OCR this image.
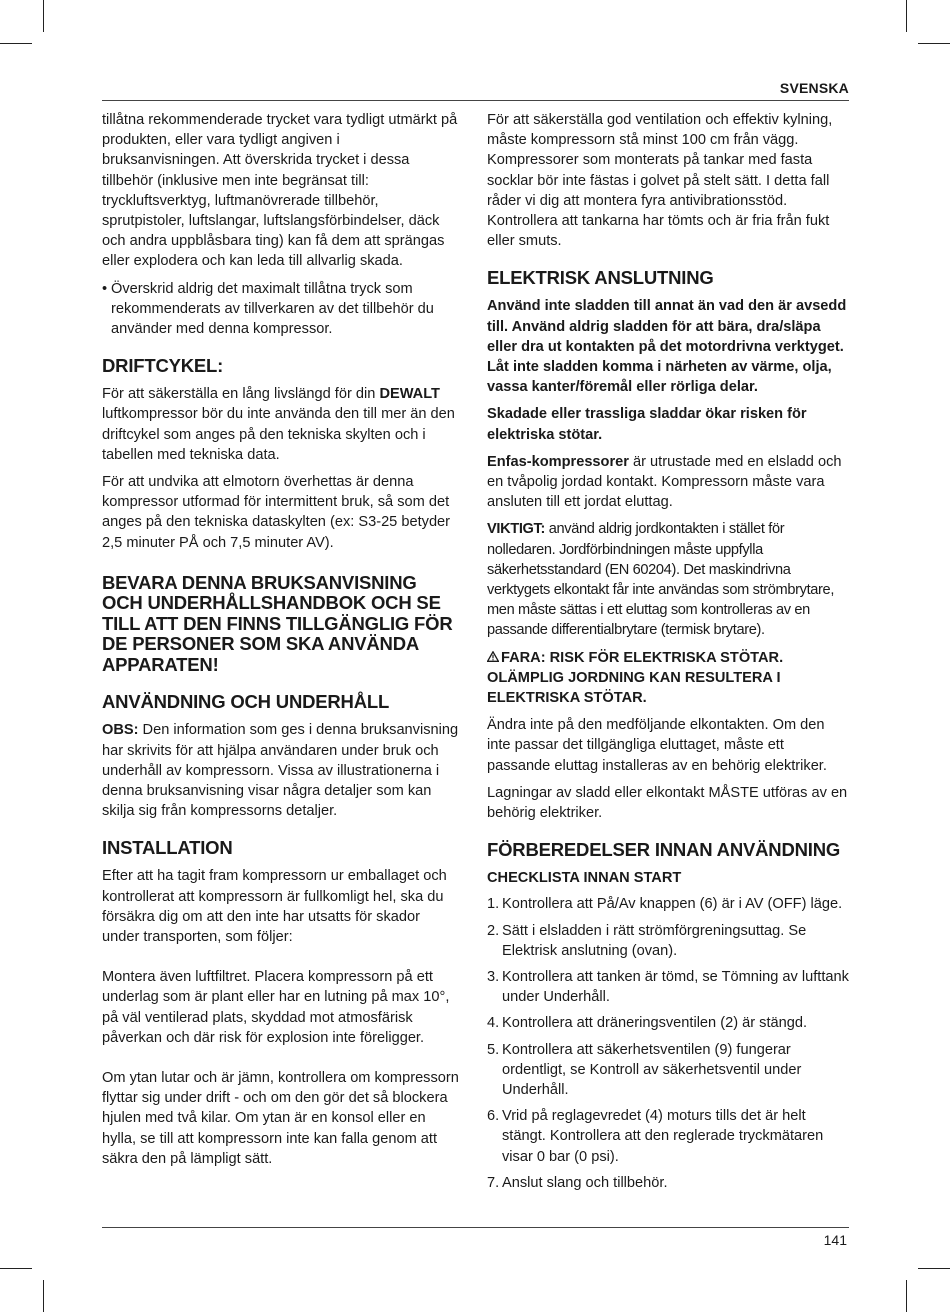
SVENSKA

tillåtna rekommenderade trycket vara tydligt utmärkt på produkten, eller vara tydligt angiven i bruksanvisningen. Att överskrida trycket i dessa tillbehör (inklusive men inte begränsat till: tryckluftsverktyg, luftmanövrerade tillbehör, sprutpistoler, luftslangar, luftslangsförbindelser, däck och andra uppblåsbara ting) kan få dem att sprängas eller explodera och kan leda till allvarlig skada.

• Överskrid aldrig det maximalt tillåtna tryck som rekommenderats av tillverkaren av det tillbehör du använder med denna kompressor.
DRIFTCYKEL:

För att säkerställa en lång livslängd för din DEWALT luftkompressor bör du inte använda den till mer än den driftcykel som anges på den tekniska skylten och i tabellen med tekniska data.

För att undvika att elmotorn överhettas är denna kompressor utformad för intermittent bruk, så som det anges på den tekniska dataskylten (ex: S3-25 betyder 2,5 minuter PÅ och 7,5 minuter AV).

BEVARA DENNA BRUKSANVISNING OCH UNDERHÅLLSHANDBOK OCH SE TILL ATT DEN FINNS TILLGÄNGLIG FÖR DE PERSONER SOM SKA ANVÄNDA APPARATEN!
ANVÄNDNING OCH UNDERHÅLL

OBS: Den information som ges i denna bruksanvisning har skrivits för att hjälpa användaren under bruk och underhåll av kompressorn. Vissa av illustrationerna i denna bruksanvisning visar några detaljer som kan skilja sig från kompressorns detaljer.

INSTALLATION

Efter att ha tagit fram kompressorn ur emballaget och kontrollerat att kompressorn är fullkomligt hel, ska du försäkra dig om att den inte har utsatts för skador under transporten, som följer:

Montera även luftfiltret. Placera kompressorn på ett underlag som är plant eller har en lutning på max 10°, på väl ventilerad plats, skyddad mot atmosfärisk påverkan och där risk för explosion inte föreligger.

Om ytan lutar och är jämn, kontrollera om kompressorn flyttar sig under drift - och om den gör det så blockera hjulen med två kilar. Om ytan är en konsol eller en hylla, se till att kompressorn inte kan falla genom att säkra den på lämpligt sätt.

För att säkerställa god ventilation och effektiv kylning, måste kompressorn stå minst 100 cm från vägg. Kompressorer som monterats på tankar med fasta socklar bör inte fästas i golvet på stelt sätt. I detta fall råder vi dig att montera fyra antivibrationsstöd. Kontrollera att tankarna har tömts och är fria från fukt eller smuts.

ELEKTRISK ANSLUTNING

Använd inte sladden till annat än vad den är avsedd till. Använd aldrig sladden för att bära, dra/släpa eller dra ut kontakten på det motordrivna verktyget. Låt inte sladden komma i närheten av värme, olja, vassa kanter/föremål eller rörliga delar.

Skadade eller trassliga sladdar ökar risken för elektriska stötar.

Enfas-kompressorer är utrustade med en elsladd och en tvåpolig jordad kontakt. Kompressorn måste vara ansluten till ett jordat eluttag.

VIKTIGT: använd aldrig jordkontakten i stället för nolledaren. Jordförbindningen måste uppfylla säkerhetsstandard (EN 60204). Det maskindrivna verktygets elkontakt får inte användas som strömbrytare, men måste sättas i ett eluttag som kontrolleras av en passande differentialbrytare (termisk brytare).

FARA: RISK FÖR ELEKTRISKA STÖTAR. OLÄMPLIG JORDNING KAN RESULTERA I ELEKTRISKA STÖTAR.

Ändra inte på den medföljande elkontakten. Om den inte passar det tillgängliga eluttaget, måste ett passande eluttag installeras av en behörig elektriker.

Lagningar av sladd eller elkontakt MÅSTE utföras av en behörig elektriker.

FÖRBEREDELSER INNAN ANVÄNDNING
CHECKLISTA INNAN START
1. Kontrollera att På/Av knappen (6) är i AV (OFF) läge.
2. Sätt i elsladden i rätt strömförgreningsuttag. Se Elektrisk anslutning (ovan).
3. Kontrollera att tanken är tömd, se Tömning av lufttank under Underhåll.
4. Kontrollera att dräneringsventilen (2) är stängd.
5. Kontrollera att säkerhetsventilen (9) fungerar ordentligt, se Kontroll av säkerhetsventil under Underhåll.
6. Vrid på reglagevredet (4) moturs tills det är helt stängt. Kontrollera att den reglerade tryckmätaren visar 0 bar (0 psi).
7. Anslut slang och tillbehör.
141
